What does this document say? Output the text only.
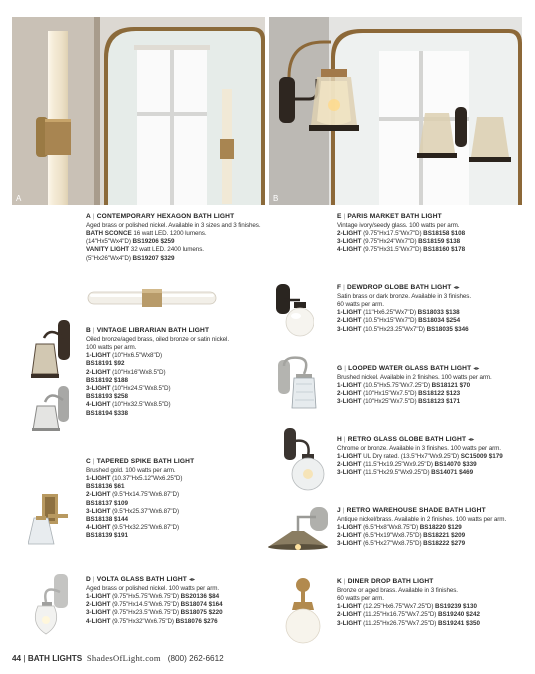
A	B
A | CONTEMPORARY HEXAGON BATH LIGHT
Aged brass or polished nickel. Available in 3 sizes and 3 finishes.
BATH SCONCE 16 watt LED. 1200 lumens.
(14"Hx5"Wx4"D) BS19206 $259
VANITY LIGHT 32 watt LED. 2400 lumens.
(5"Hx26"Wx4"D) BS19207 $329
B | VINTAGE LIBRARIAN BATH LIGHT
Oiled bronze/aged brass, oiled bronze or satin nickel.
100 watts per arm.
1-LIGHT (10"Hx6.5"Wx8"D)
BS18191 $92
2-LIGHT (10"Hx16"Wx8.5"D)
BS18192 $188
3-LIGHT (10"Hx24.5"Wx8.5"D)
BS18193 $258
4-LIGHT (10"Hx32.5"Wx8.5"D)
BS18194 $338
C | TAPERED SPIKE BATH LIGHT
Brushed gold. 100 watts per arm.
1-LIGHT (10.37"Hx5.12"Wx6.25"D)
BS18136 $61
2-LIGHT (9.5"Hx14.75"Wx6.87"D)
BS18137 $109
3-LIGHT (9.5"Hx25.37"Wx6.87"D)
BS18138 $144
4-LIGHT (9.5"Hx32.25"Wx6.87"D)
BS18139 $191
D | VOLTA GLASS BATH LIGHT ◂▸
Aged brass or polished nickel. 100 watts per arm.
1-LIGHT (9.75"Hx5.75"Wx6.75"D) BS20136 $84
2-LIGHT (9.75"Hx14.5"Wx6.75"D) BS18074 $164
3-LIGHT (9.75"Hx23.5"Wx6.75"D) BS18075 $220
4-LIGHT (9.75"Hx32"Wx6.75"D) BS18076 $276
E | PARIS MARKET BATH LIGHT
Vintage ivory/seedy glass. 100 watts per arm.
2-LIGHT (9.75"Hx17.5"Wx7"D) BS18158 $108
3-LIGHT (9.75"Hx24"Wx7"D) BS18159 $138
4-LIGHT (9.75"Hx31.5"Wx7"D) BS18160 $178
F | DEWDROP GLOBE BATH LIGHT ◂▸
Satin brass or dark bronze. Available in 3 finishes.
60 watts per arm.
1-LIGHT (11"Hx6.25"Wx7"D) BS18033 $138
2-LIGHT (10.5"Hx15"Wx7"D) BS18034 $254
3-LIGHT (10.5"Hx23.25"Wx7"D) BS18035 $346
G | LOOPED WATER GLASS BATH LIGHT ◂▸
Brushed nickel. Available in 2 finishes. 100 watts per arm.
1-LIGHT (10.5"Hx5.75"Wx7.25"D) BS18121 $70
2-LIGHT (10"Hx15"Wx7.5"D) BS18122 $123
3-LIGHT (10"Hx25"Wx7.5"D) BS18123 $171
H | RETRO GLASS GLOBE BATH LIGHT ◂▸
Chrome or bronze. Available in 3 finishes. 100 watts per arm.
1-LIGHT UL Dry rated. (13.5"Hx7"Wx9.25"D) SC15009 $179
2-LIGHT (11.5"Hx19.25"Wx9.25"D) BS14070 $339
3-LIGHT (11.5"Hx29.5"Wx9.25"D) BS14071 $469
J | RETRO WAREHOUSE SHADE BATH LIGHT
Antique nickel/brass. Available in 2 finishes. 100 watts per arm.
1-LIGHT (6.5"Hx8"Wx8.75"D) BS18220 $129
2-LIGHT (6.5"Hx19"Wx8.75"D) BS18221 $209
3-LIGHT (6.5"Hx27"Wx8.75"D) BS18222 $279
K | DINER DROP BATH LIGHT
Bronze or aged brass. Available in 3 finishes.
60 watts per arm.
1-LIGHT (12.25"Hx6.75"Wx7.25"D) BS19239 $130
2-LIGHT (11.25"Hx16.75"Wx7.25"D) BS19240 $242
3-LIGHT (11.25"Hx26.75"Wx7.25"D) BS19241 $350
44 | BATH LIGHTS ShadesOfLight.com (800) 262-6612
